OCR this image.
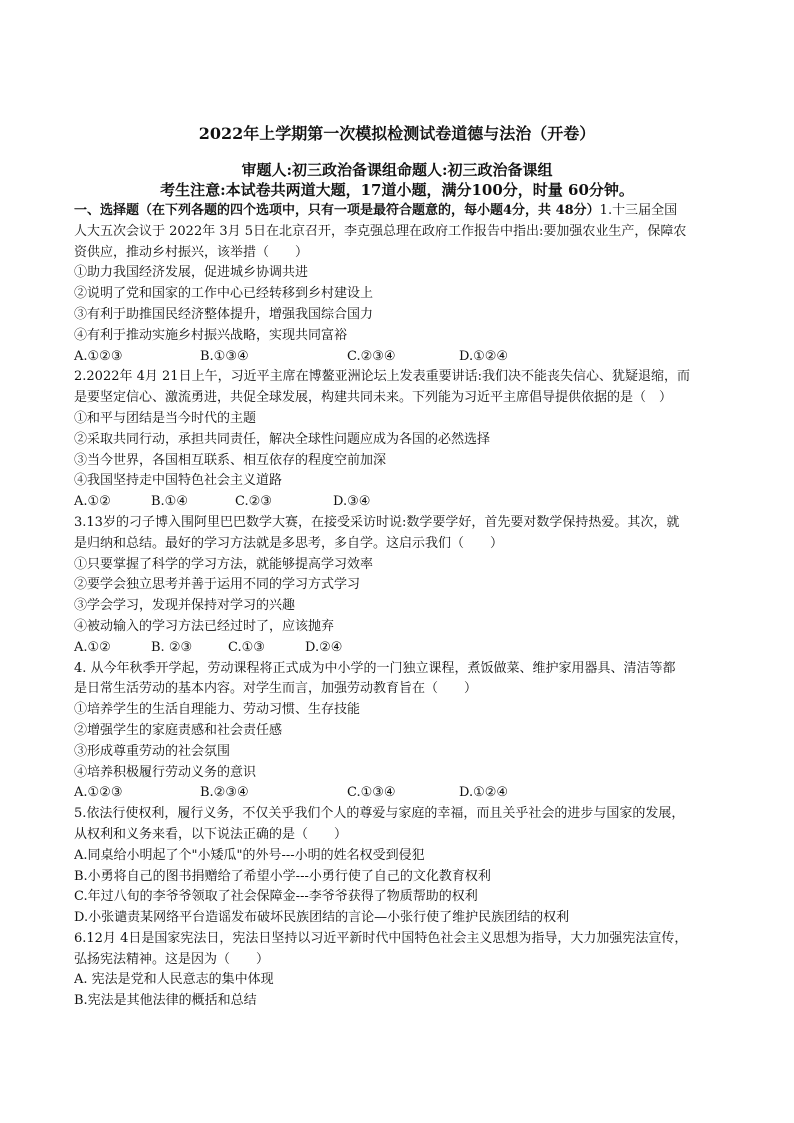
2022年上学期第一次模拟检测试卷道德与法治（开卷）
审题人:初三政治备课组命题人:初三政治备课组
考生注意:本试卷共两道大题，17道小题，满分100分，时量 60分钟。
一、选择题（在下列各题的四个选项中，只有一项是最符合题意的，每小题4分，共 48分）1.十三届全国
人大五次会议于 2022年 3月 5日在北京召开，李克强总理在政府工作报告中指出:要加强农业生产，保障农
资供应，推动乡村振兴，该举措（　　）
①助力我国经济发展，促进城乡协调共进
②说明了党和国家的工作中心已经转移到乡村建设上
③有利于助推国民经济整体提升，增强我国综合国力
④有利于推动实施乡村振兴战略，实现共同富裕
A.①②③	B.①③④	C.②③④	D.①②④
2.2022年 4月 21日上午，习近平主席在博鳌亚洲论坛上发表重要讲话:我们决不能丧失信心、犹疑退缩，而
是要坚定信心、激流勇进，共促全球发展，构建共同未来。下列能为习近平主席倡导提供依据的是（　）
①和平与团结是当今时代的主题
②采取共同行动，承担共同责任，解决全球性问题应成为各国的必然选择
③当今世界，各国相互联系、相互依存的程度空前加深
④我国坚持走中国特色社会主义道路
A.①②	B.①④	C.②③	D.③④
3.13岁的刁子博入围阿里巴巴数学大赛，在接受采访时说:数学要学好，首先要对数学保持热爱。其次，就
是归纳和总结。最好的学习方法就是多思考，多自学。这启示我们（　　）
①只要掌握了科学的学习方法，就能够提高学习效率
②要学会独立思考并善于运用不同的学习方式学习
③学会学习，发现并保持对学习的兴趣
④被动输入的学习方法已经过时了，应该抛弃
A.①②	B. ②③	C.①③	D.②④
4. 从今年秋季开学起，劳动课程将正式成为中小学的一门独立课程，煮饭做菜、维护家用器具、清洁等都
是日常生活劳动的基本内容。对学生而言，加强劳动教育旨在（　　）
①培养学生的生活自理能力、劳动习惯、生存技能
②增强学生的家庭责感和社会责任感
③形成尊重劳动的社会氛围
④培养积极履行劳动义务的意识
A.①②③	B.②③④	C.①③④	D.①②④
5.依法行使权利，履行义务，不仅关乎我们个人的尊爱与家庭的幸福，而且关乎社会的进步与国家的发展，
从权利和义务来看，以下说法正确的是（　　）
A.同桌给小明起了个"小矮瓜"的外号---小明的姓名权受到侵犯
B.小勇将自己的图书捐赠给了希望小学---小勇行使了自己的文化教育权利
C.年过八旬的李爷爷领取了社会保障金---李爷爷获得了物质帮助的权利
D.小张谴责某网络平台造谣发布破坏民族团结的言论—小张行使了维护民族团结的权利
6.12月 4日是国家宪法日，宪法日坚持以习近平新时代中国特色社会主义思想为指导，大力加强宪法宣传，
弘扬宪法精神。这是因为（　　）
A. 宪法是党和人民意志的集中体现
B.宪法是其他法律的概括和总结
